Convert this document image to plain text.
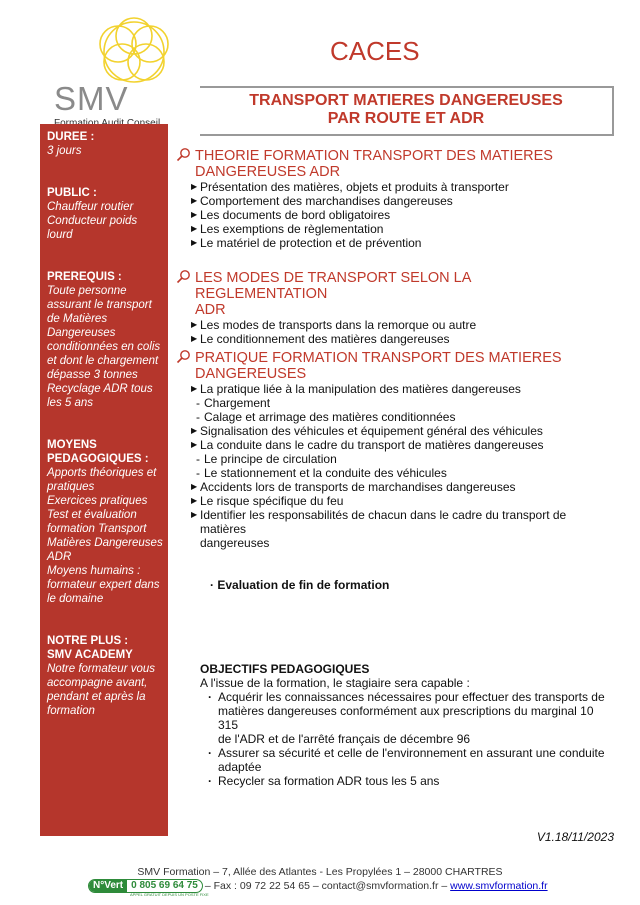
SMV
CACES
TRANSPORT MATIERES DANGEREUSES
PAR ROUTE ET ADR
DUREE :
3 jours
PUBLIC :
Chauffeur routier
Conducteur poids
lourd
PREREQUIS :
Toute personne
assurant le transport
de Matières
Dangereuses
conditionnées en colis
et dont le chargement
dépasse 3 tonnes
Recyclage ADR tous
les 5 ans
MOYENS
PEDAGOGIQUES :
Apports théoriques et
pratiques
Exercices pratiques
Test et évaluation
formation Transport
Matières Dangereuses
ADR
Moyens humains :
formateur expert dans
le domaine
NOTRE PLUS :
SMV ACADEMY
Notre formateur vous
accompagne avant,
pendant et après la
formation
THEORIE FORMATION TRANSPORT DES MATIERES
DANGEREUSES ADR
▶ Présentation des matières, objets et produits à transporter
▶ Comportement des marchandises dangereuses
▶ Les documents de bord obligatoires
▶ Les exemptions de règlementation
▶ Le matériel de protection et de prévention
LES MODES DE TRANSPORT SELON LA REGLEMENTATION
ADR
▶ Les modes de transports dans la remorque ou autre
▶ Le conditionnement des matières dangereuses
PRATIQUE FORMATION TRANSPORT DES MATIERES
DANGEREUSES
▶ La pratique liée à la manipulation des matières dangereuses
- Chargement
- Calage et arrimage des matières conditionnées
▶ Signalisation des véhicules et équipement général des véhicules
▶ La conduite dans le cadre du transport de matières dangereuses
- Le principe de circulation
- Le stationnement et la conduite des véhicules
▶ Accidents lors de transports de marchandises dangereuses
▶ Le risque spécifique du feu
▶ Identifier les responsabilités de chacun dans le cadre du transport de matières
dangereuses
· Evaluation de fin de formation
OBJECTIFS PEDAGOGIQUES
A l'issue de la formation, le stagiaire sera capable :
· Acquérir les connaissances nécessaires pour effectuer des transports de
matières dangereuses conformément aux prescriptions du marginal 10 315
de l'ADR et de l'arrêté français de décembre 96
· Assurer sa sécurité et celle de l'environnement en assurant une conduite
adaptée
· Recycler sa formation ADR tous les 5 ans
V1.18/11/2023
SMV Formation – 7, Allée des Atlantes - Les Propylées 1 – 28000 CHARTRES
N°Vert 0 805 69 64 75 – Fax : 09 72 22 54 65 – contact@smvformation.fr – www.smvformation.fr
APPEL GRATUIT DEPUIS UN POSTE FIXE
